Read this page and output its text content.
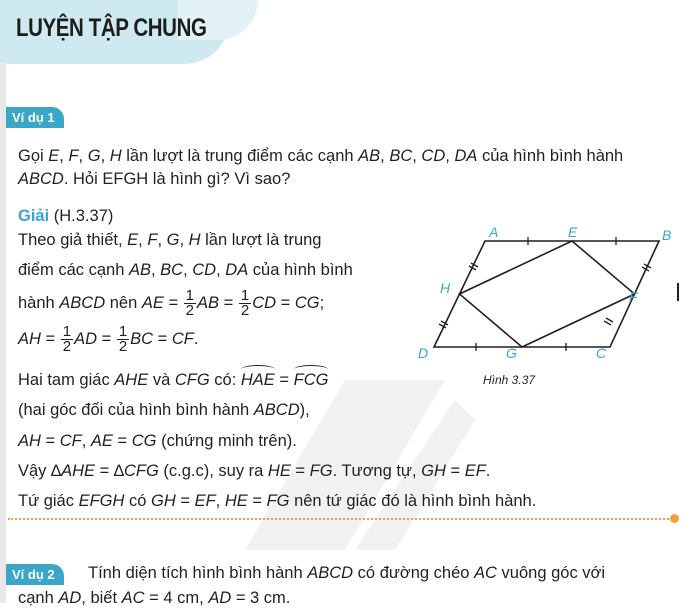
LUYỆN TẬP CHUNG
Ví dụ 1
Gọi E, F, G, H lần lượt là trung điểm các cạnh AB, BC, CD, DA của hình bình hành
ABCD. Hỏi EFGH là hình gì? Vì sao?
Giải (H.3.37)
Theo giả thiết, E, F, G, H lần lượt là trung
điểm các cạnh AB, BC, CD, DA của hình bình
hành ABCD nên AE = $\frac{1}{2}$ AB = $\frac{1}{2}$ CD = CG;
AH = $\frac{1}{2}$ AD = $\frac{1}{2}$ BC = CF.
Hai tam giác AHE và CFG có: HAE = FCG
(hai góc đối của hình bình hành ABCD),
AH = CF, AE = CG (chứng minh trên).
Vậy ∆AHE = ∆CFG (c.g.c), suy ra HE = FG. Tương tự, GH = EF.
Tứ giác EFGH có GH = EF, HE = FG nên tứ giác đó là hình bình hành.
A	E	B
H
F
D	G	C
Hình 3.37
Ví dụ 2	Tính diện tích hình bình hành ABCD có đường chéo AC vuông góc với
cạnh AD, biết AC = 4 cm, AD = 3 cm.
